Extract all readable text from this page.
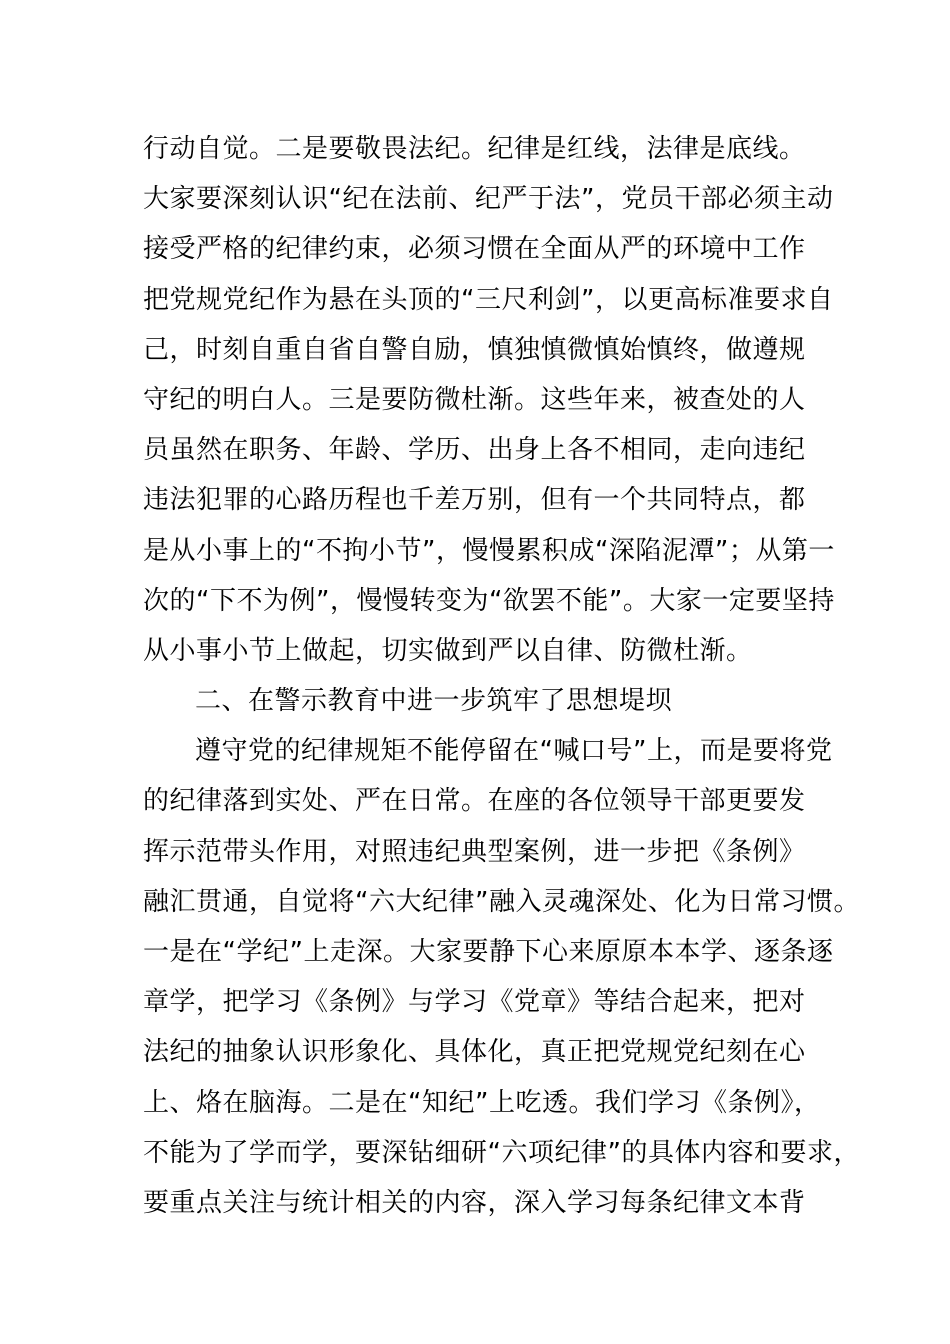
行动自觉。二是要敬畏法纪。纪律是红线，法律是底线。
大家要深刻认识“纪在法前、纪严于法”，党员干部必须主动
接受严格的纪律约束，必须习惯在全面从严的环境中工作
把党规党纪作为悬在头顶的“三尺利剑”，以更高标准要求自
己，时刻自重自省自警自励，慎独慎微慎始慎终，做遵规
守纪的明白人。三是要防微杜渐。这些年来，被查处的人
员虽然在职务、年龄、学历、出身上各不相同，走向违纪
违法犯罪的心路历程也千差万别，但有一个共同特点，都
是从小事上的“不拘小节”，慢慢累积成“深陷泥潭”；从第一
次的“下不为例”，慢慢转变为“欲罢不能”。大家一定要坚持
从小事小节上做起，切实做到严以自律、防微杜渐。
二、在警示教育中进一步筑牢了思想堤坝
遵守党的纪律规矩不能停留在“喊口号”上，而是要将党
的纪律落到实处、严在日常。在座的各位领导干部更要发
挥示范带头作用，对照违纪典型案例，进一步把《条例》
融汇贯通，自觉将“六大纪律”融入灵魂深处、化为日常习惯。
一是在“学纪”上走深。大家要静下心来原原本本学、逐条逐
章学，把学习《条例》与学习《党章》等结合起来，把对
法纪的抽象认识形象化、具体化，真正把党规党纪刻在心
上、烙在脑海。二是在“知纪”上吃透。我们学习《条例》，
不能为了学而学，要深钻细研“六项纪律”的具体内容和要求，
要重点关注与统计相关的内容，深入学习每条纪律文本背
